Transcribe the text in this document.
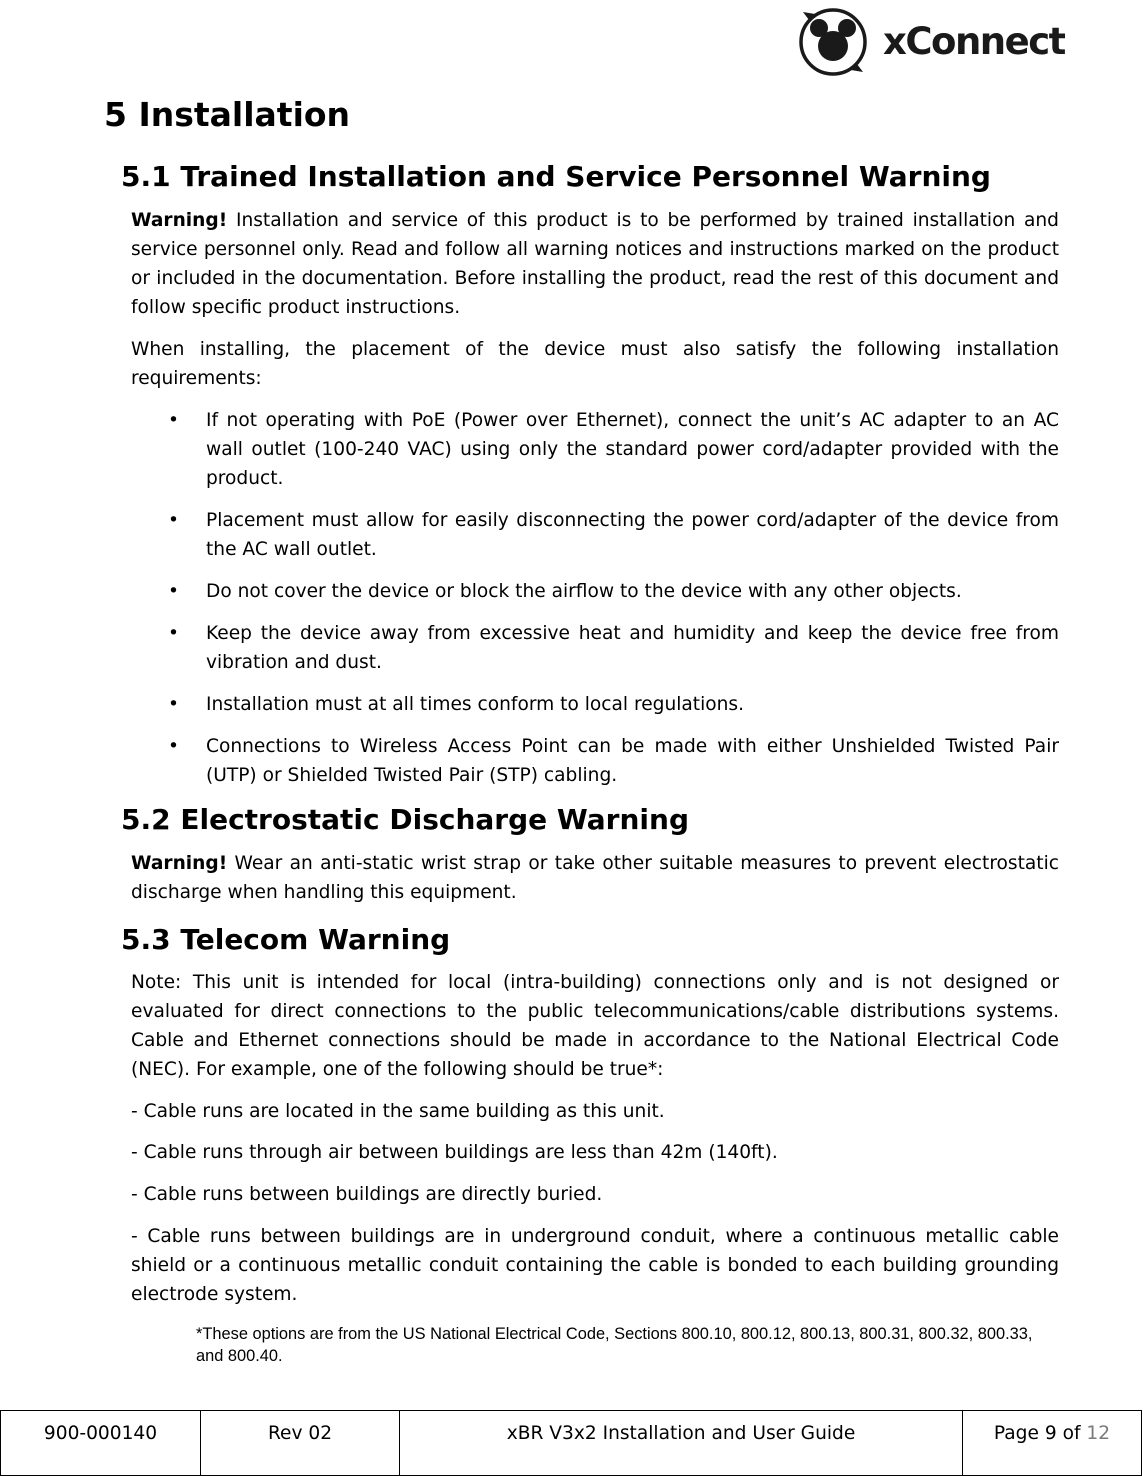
xConnect
5 Installation
5.1 Trained Installation and Service Personnel Warning

Warning! Installation and service of this product is to be performed by trained installation and service personnel only. Read and follow all warning notices and instructions marked on the product or included in the documentation. Before installing the product, read the rest of this document and follow specific product instructions.

When installing, the placement of the device must also satisfy the following installation requirements:

• If not operating with PoE (Power over Ethernet), connect the unit’s AC adapter to an AC wall outlet (100-240 VAC) using only the standard power cord/adapter provided with the product.
• Placement must allow for easily disconnecting the power cord/adapter of the device from the AC wall outlet.
• Do not cover the device or block the airflow to the device with any other objects.
• Keep the device away from excessive heat and humidity and keep the device free from vibration and dust.
• Installation must at all times conform to local regulations.
• Connections to Wireless Access Point can be made with either Unshielded Twisted Pair (UTP) or Shielded Twisted Pair (STP) cabling.
5.2 Electrostatic Discharge Warning

Warning! Wear an anti-static wrist strap or take other suitable measures to prevent electrostatic discharge when handling this equipment.

5.3 Telecom Warning

Note: This unit is intended for local (intra-building) connections only and is not designed or evaluated for direct connections to the public telecommunications/cable distributions systems. Cable and Ethernet connections should be made in accordance to the National Electrical Code (NEC). For example, one of the following should be true*:

- Cable runs are located in the same building as this unit.

- Cable runs through air between buildings are less than 42m (140ft).

- Cable runs between buildings are directly buried.

- Cable runs between buildings are in underground conduit, where a continuous metallic cable shield or a continuous metallic conduit containing the cable is bonded to each building grounding electrode system.

*These options are from the US National Electrical Code, Sections 800.10, 800.12, 800.13, 800.31, 800.32, 800.33, and 800.40.
900-000140	Rev 02	xBR V3x2 Installation and User Guide	Page 9 of 12
